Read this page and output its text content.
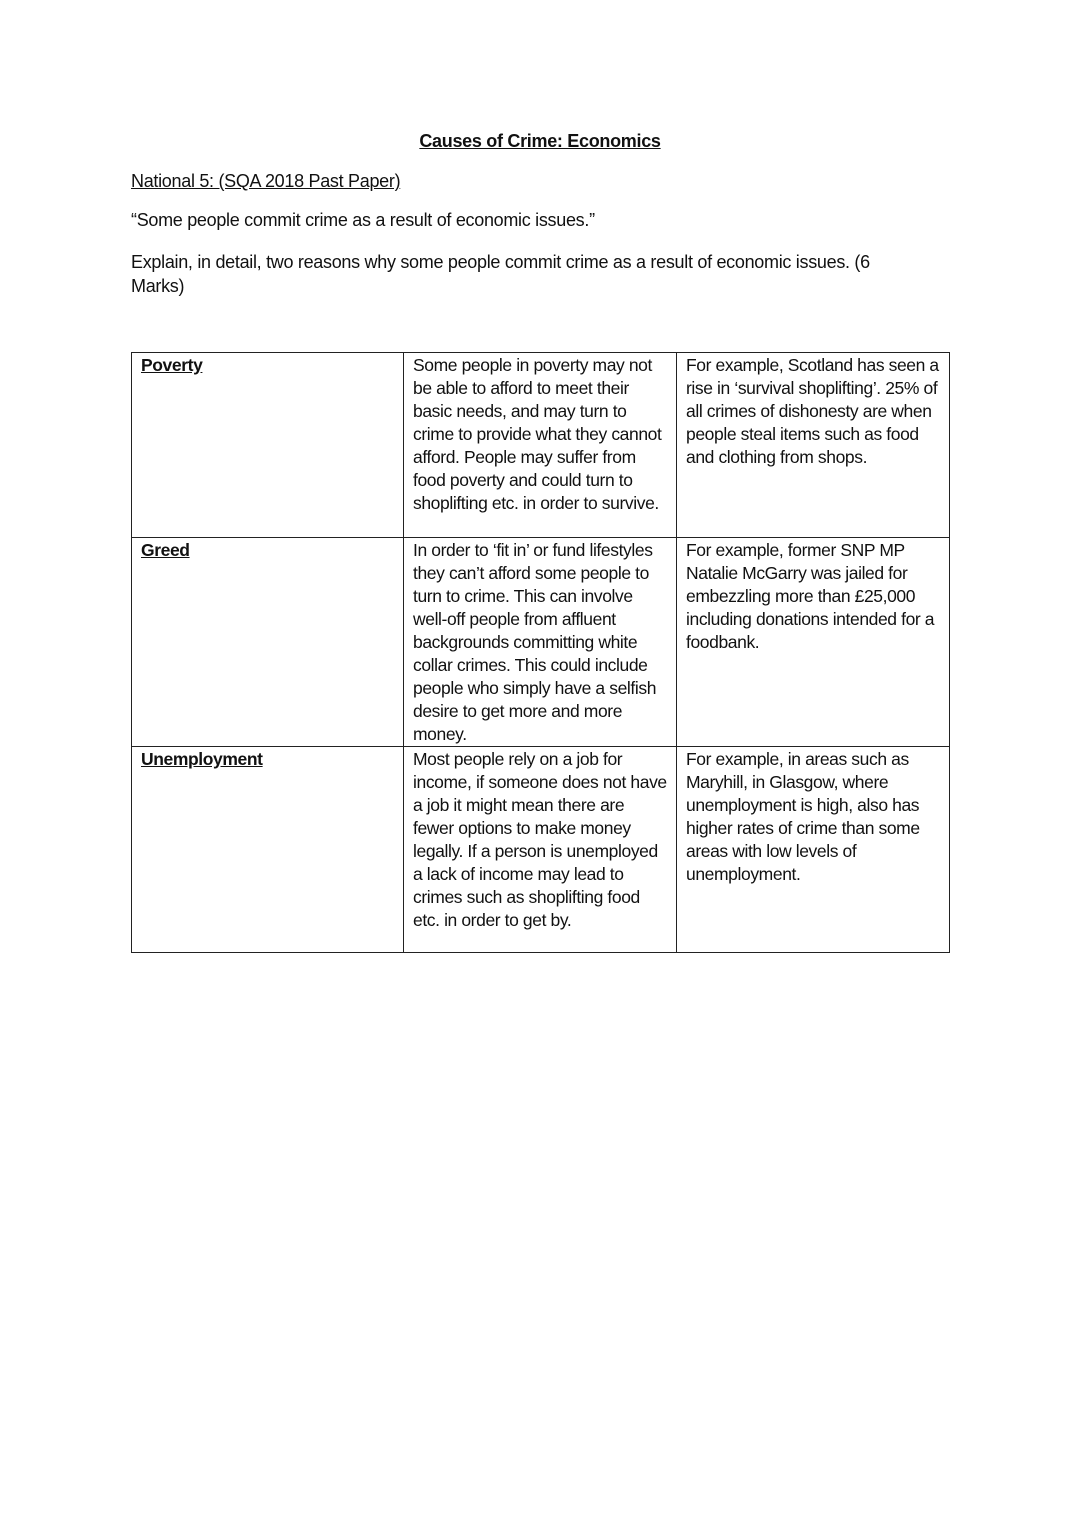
Causes of Crime: Economics
National 5: (SQA 2018 Past Paper)
“Some people commit crime as a result of economic issues.”
Explain, in detail, two reasons why some people commit crime as a result of economic issues. (6 Marks)
Poverty	Some people in poverty may not be able to afford to meet their basic needs, and may turn to crime to provide what they cannot afford. People may suffer from food poverty and could turn to shoplifting etc. in order to survive.	For example, Scotland has seen a rise in ‘survival shoplifting’. 25% of all crimes of dishonesty are when people steal items such as food and clothing from shops.
Greed	In order to ‘fit in’ or fund lifestyles they can’t afford some people to turn to crime. This can involve well-off people from affluent backgrounds committing white collar crimes. This could include people who simply have a selfish desire to get more and more money.	For example, former SNP MP Natalie McGarry was jailed for embezzling more than £25,000 including donations intended for a foodbank.
Unemployment	Most people rely on a job for income, if someone does not have a job it might mean there are fewer options to make money legally. If a person is unemployed a lack of income may lead to crimes such as shoplifting food etc. in order to get by.	For example, in areas such as Maryhill, in Glasgow, where unemployment is high, also has higher rates of crime than some areas with low levels of unemployment.
